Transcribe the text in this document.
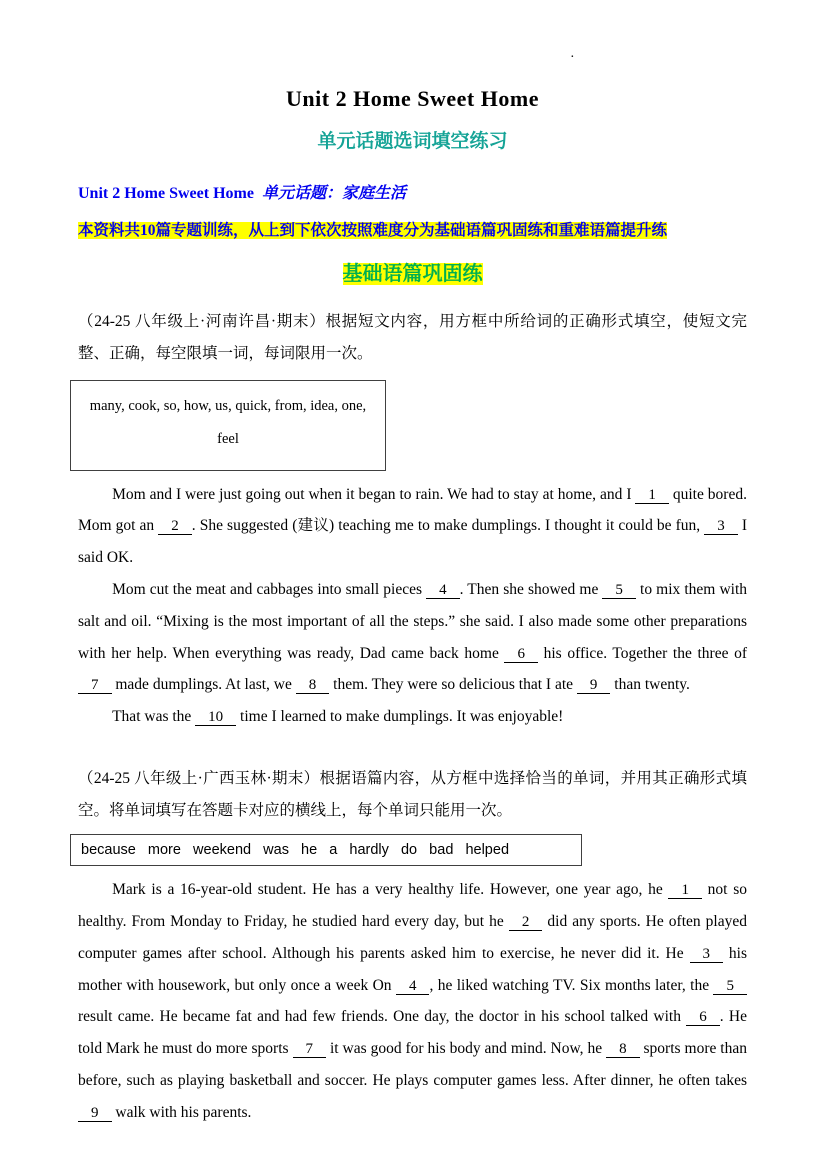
·
Unit 2 Home Sweet Home
单元话题选词填空练习

Unit 2 Home Sweet Home 单元话题：家庭生活

本资料共10篇专题训练，从上到下依次按照难度分为基础语篇巩固练和重难语篇提升练

基础语篇巩固练

（24-25 八年级上·河南许昌·期末）根据短文内容，用方框中所给词的正确形式填空，使短文完整、正确，每空限填一词，每词限用一次。

many, cook, so, how, us, quick, from, idea, one,
feel

Mom and I were just going out when it began to rain. We had to stay at home, and I 1 quite bored. Mom got an 2 . She suggested (建议) teaching me to make dumplings. I thought it could be fun, 3 I said OK.

Mom cut the meat and cabbages into small pieces 4 . Then she showed me 5 to mix them with salt and oil. “Mixing is the most important of all the steps.” she said. I also made some other preparations with her help. When everything was ready, Dad came back home 6 his office. Together the three of 7 made dumplings. At last, we 8 them. They were so delicious that I ate 9 than twenty.

That was the 10 time I learned to make dumplings. It was enjoyable!

（24-25 八年级上·广西玉林·期末）根据语篇内容，从方框中选择恰当的单词，并用其正确形式填空。将单词填写在答题卡对应的横线上，每个单词只能用一次。

because   more   weekend   was   he   a   hardly   do   bad   helped

Mark is a 16-year-old student. He has a very healthy life. However, one year ago, he 1 not so healthy. From Monday to Friday, he studied hard every day, but he 2 did any sports. He often played computer games after school. Although his parents asked him to exercise, he never did it. He 3 his mother with housework, but only once a week On 4 , he liked watching TV. Six months later, the 5 result came. He became fat and had few friends. One day, the doctor in his school talked with 6 . He told Mark he must do more sports 7 it was good for his body and mind. Now, he 8 sports more than before, such as playing basketball and soccer. He plays computer games less. After dinner, he often takes 9 walk with his parents.
